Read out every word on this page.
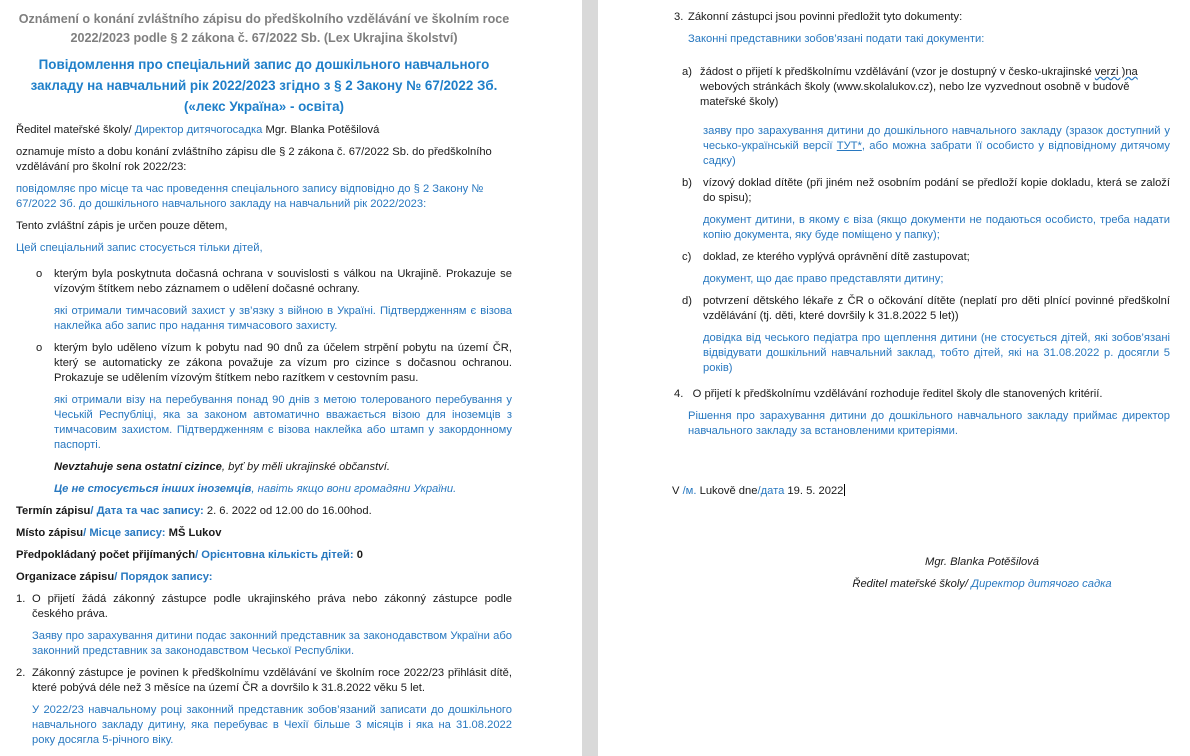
Oznámení o konání zvláštního zápisu do předškolního vzdělávání ve školním roce 2022/2023 podle § 2 zákona č. 67/2022 Sb. (Lex Ukrajina školství)

Повідомлення про спеціальний запис до дошкільного навчального закладу на навчальний рік 2022/2023 згідно з § 2 Закону № 67/2022 Зб. («лекс Україна» - освіта)

Ředitel mateřské školy/ Директор дитячогосадка Mgr. Blanka Potěšilová

oznamuje místo a dobu konání zvláštního zápisu dle § 2 zákona č. 67/2022 Sb. do předškolního vzdělávání pro školní rok 2022/23:

повідомляє про місце та час проведення спеціального запису відповідно до § 2 Закону № 67/2022 Зб. до дошкільного навчального закладу на навчальний рік 2022/2023:

Tento zvláštní zápis je určen pouze dětem,

Цей спеціальний запис стосується тільки дітей,

o kterým byla poskytnuta dočasná ochrana v souvislosti s válkou na Ukrajině. Prokazuje se vízovým štítkem nebo záznamem o udělení dočasné ochrany.

які отримали тимчасовий захист у зв’язку з війною в Україні. Підтвердженням є візова наклейка або запис про надання тимчасового захисту.

o kterým bylo uděleno vízum k pobytu nad 90 dnů za účelem strpění pobytu na území ČR, který se automaticky ze zákona považuje za vízum pro cizince s dočasnou ochranou. Prokazuje se udělením vízovým štítkem nebo razítkem v cestovním pasu.

які отримали візу на перебування понад 90 днів з метою толерованого перебування у Чеській Республіці, яка за законом автоматично вважається візою для іноземців з тимчасовим захистом. Підтвердженням є візова наклейка або штамп у закордонному паспорті.

Nevztahuje sena ostatní cizince, byť by měli ukrajinské občanství.

Це не стосується інших іноземців, навіть якщо вони громадяни України.

Termín zápisu/ Дата та час запису: 2. 6. 2022 od 12.00 do 16.00hod.

Místo zápisu/ Місце запису: MŠ Lukov

Předpokládaný počet přijímaných/ Орієнтовна кількість дітей: 0

Organizace zápisu/ Порядок запису:

1. O přijetí žádá zákonný zástupce podle ukrajinského práva nebo zákonný zástupce podle českého práva.

Заяву про зарахування дитини подає законний представник за законодавством України або законний представник за законодавством Чеської Республіки.

2. Zákonný zástupce je povinen k předškolnímu vzdělávání ve školním roce 2022/23 přihlásit dítě, které pobývá déle než 3 měsíce na území ČR a dovršilo k 31.8.2022 věku 5 let.

У 2022/23 навчальному році законний представник зобов’язаний записати до дошкільного навчального закладу дитину, яка перебуває в Чехії більше 3 місяців і яка на 31.08.2022 року досягла 5-річного віку.

3. Zákonní zástupci jsou povinni předložit tyto dokumenty:

Законні представники зобов’язані подати такі документи:

a) žádost o přijetí k předškolnímu vzdělávání (vzor je dostupný v česko-ukrajinské verzi )na webových stránkách školy (www.skolalukov.cz), nebo lze vyzvednout osobně v budově mateřské školy)

заяву про зарахування дитини до дошкільного навчального закладу (зразок доступний у чесько-українській версії ТУТ*, або можна забрати її особисто у відповідному дитячому садку)

b) vízový doklad dítěte (při jiném než osobním podání se předloží kopie dokladu, která se založí do spisu);

документ дитини, в якому є віза (якщо документи не подаються особисто, треба надати копію документа, яку буде поміщено у папку);

c) doklad, ze kterého vyplývá oprávnění dítě zastupovat;

документ, що дає право представляти дитину;

d) potvrzení dětského lékaře z ČR o očkování dítěte (neplatí pro děti plnící povinné předškolní vzdělávání (tj. děti, které dovršily k 31.8.2022 5 let))

довідка від чеського педіатра про щеплення дитини (не стосується дітей, які зобов’язані відвідувати дошкільний навчальний заклад, тобто дітей, які на 31.08.2022 р. досягли 5 років)

4. O přijetí k předškolnímu vzdělávání rozhoduje ředitel školy dle stanovených kritérií.

Рішення про зарахування дитини до дошкільного навчального закладу приймає директор навчального закладу за встановленими критеріями.

V /м. Lukově dne/дата 19. 5. 2022

Mgr. Blanka Potěšilová

Ředitel mateřské školy/ Директор дитячого садка
